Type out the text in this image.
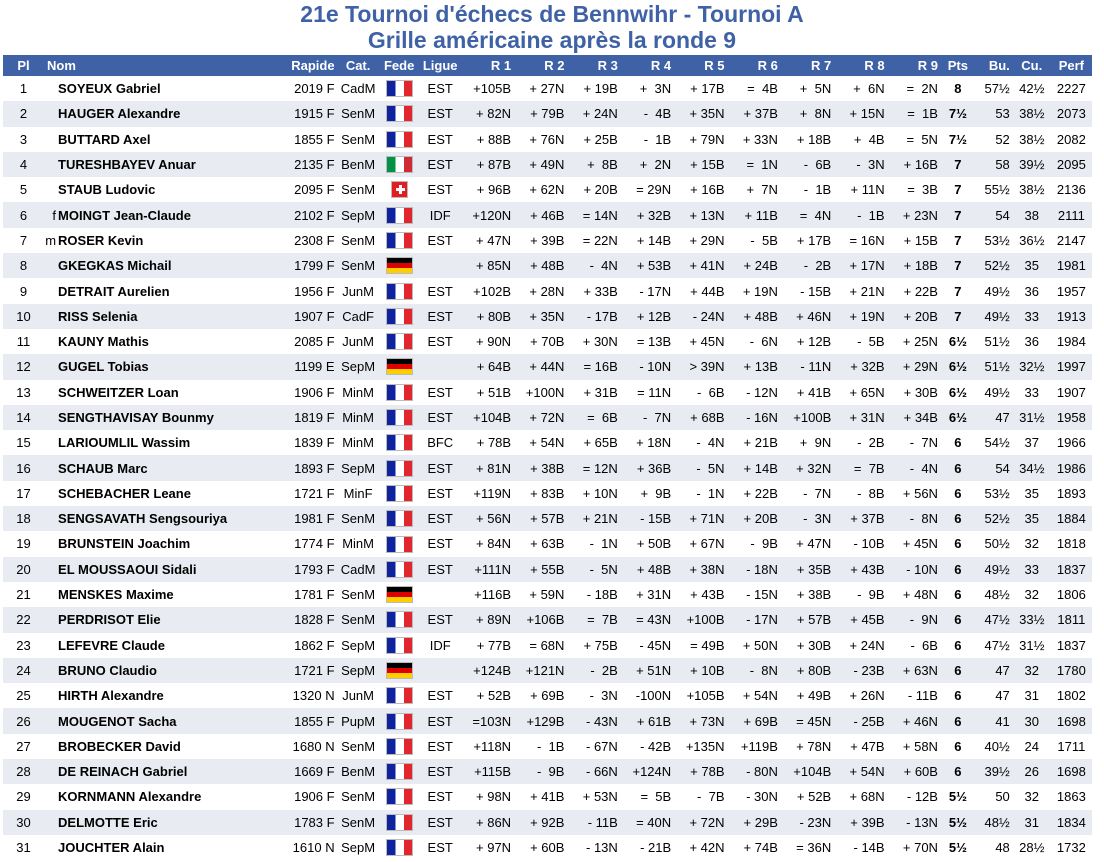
21e Tournoi d'échecs de Bennwihr - Tournoi A
Grille américaine après la ronde 9
Pl	Nom	Rapide	Cat.	Fede	Ligue	R 1	R 2	R 3	R 4	R 5	R 6	R 7	R 8	R 9	Pts	Bu.	Cu.	Perf
1	SOYEUX Gabriel	2019 F	CadM		EST	+105B	+ 27N	+ 19B	+  3N	+ 17B	=  4B	+  5N	+  6N	=  2N	8	57½	42½	2227
2	HAUGER Alexandre	1915 F	SenM		EST	+ 82N	+ 79B	+ 24N	-  4B	+ 35N	+ 37B	+  8N	+ 15N	=  1B	7½	53	38½	2073
3	BUTTARD Axel	1855 F	SenM		EST	+ 88B	+ 76N	+ 25B	-  1B	+ 79N	+ 33N	+ 18B	+  4B	=  5N	7½	52	38½	2082
4	TURESHBAYEV Anuar	2135 F	BenM		EST	+ 87B	+ 49N	+  8B	+  2N	+ 15B	=  1N	-  6B	-  3N	+ 16B	7	58	39½	2095
5	STAUB Ludovic	2095 F	SenM		EST	+ 96B	+ 62N	+ 20B	= 29N	+ 16B	+  7N	-  1B	+ 11N	=  3B	7	55½	38½	2136
6	f MOINGT Jean-Claude	2102 F	SepM		IDF	+120N	+ 46B	= 14N	+ 32B	+ 13N	+ 11B	=  4N	-  1B	+ 23N	7	54	38	2111
7	m ROSER Kevin	2308 F	SenM		EST	+ 47N	+ 39B	= 22N	+ 14B	+ 29N	-  5B	+ 17B	= 16N	+ 15B	7	53½	36½	2147
8	GKEGKAS Michail	1799 F	SenM			+ 85N	+ 48B	-  4N	+ 53B	+ 41N	+ 24B	-  2B	+ 17N	+ 18B	7	52½	35	1981
9	DETRAIT Aurelien	1956 F	JunM		EST	+102B	+ 28N	+ 33B	- 17N	+ 44B	+ 19N	- 15B	+ 21N	+ 22B	7	49½	36	1957
10	RISS Selenia	1907 F	CadF		EST	+ 80B	+ 35N	- 17B	+ 12B	- 24N	+ 48B	+ 46N	+ 19N	+ 20B	7	49½	33	1913
11	KAUNY Mathis	2085 F	JunM		EST	+ 90N	+ 70B	+ 30N	= 13B	+ 45N	-  6N	+ 12B	-  5B	+ 25N	6½	51½	36	1984
12	GUGEL Tobias	1199 E	SepM			+ 64B	+ 44N	= 16B	- 10N	> 39N	+ 13B	- 11N	+ 32B	+ 29N	6½	51½	32½	1997
13	SCHWEITZER Loan	1906 F	MinM		EST	+ 51B	+100N	+ 31B	= 11N	-  6B	- 12N	+ 41B	+ 65N	+ 30B	6½	49½	33	1907
14	SENGTHAVISAY Bounmy	1819 F	MinM		EST	+104B	+ 72N	=  6B	-  7N	+ 68B	- 16N	+100B	+ 31N	+ 34B	6½	47	31½	1958
15	LARIOUMLIL Wassim	1839 F	MinM		BFC	+ 78B	+ 54N	+ 65B	+ 18N	-  4N	+ 21B	+  9N	-  2B	-  7N	6	54½	37	1966
16	SCHAUB Marc	1893 F	SepM		EST	+ 81N	+ 38B	= 12N	+ 36B	-  5N	+ 14B	+ 32N	=  7B	-  4N	6	54	34½	1986
17	SCHEBACHER Leane	1721 F	MinF		EST	+119N	+ 83B	+ 10N	+  9B	-  1N	+ 22B	-  7N	-  8B	+ 56N	6	53½	35	1893
18	SENGSAVATH Sengsouriya	1981 F	SenM		EST	+ 56N	+ 57B	+ 21N	- 15B	+ 71N	+ 20B	-  3N	+ 37B	-  8N	6	52½	35	1884
19	BRUNSTEIN Joachim	1774 F	MinM		EST	+ 84N	+ 63B	-  1N	+ 50B	+ 67N	-  9B	+ 47N	- 10B	+ 45N	6	50½	32	1818
20	EL MOUSSAOUI Sidali	1793 F	CadM		EST	+111N	+ 55B	-  5N	+ 48B	+ 38N	- 18N	+ 35B	+ 43B	- 10N	6	49½	33	1837
21	MENSKES Maxime	1781 F	SenM			+116B	+ 59N	- 18B	+ 31N	+ 43B	- 15N	+ 38B	-  9B	+ 48N	6	48½	32	1806
22	PERDRISOT Elie	1828 F	SenM		EST	+ 89N	+106B	=  7B	= 43N	+100B	- 17N	+ 57B	+ 45B	-  9N	6	47½	33½	1811
23	LEFEVRE Claude	1862 F	SepM		IDF	+ 77B	= 68N	+ 75B	- 45N	= 49B	+ 50N	+ 30B	+ 24N	-  6B	6	47½	31½	1837
24	BRUNO Claudio	1721 F	SepM			+124B	+121N	-  2B	+ 51N	+ 10B	-  8N	+ 80B	- 23B	+ 63N	6	47	32	1780
25	HIRTH Alexandre	1320 N	JunM		EST	+ 52B	+ 69B	-  3N	-100N	+105B	+ 54N	+ 49B	+ 26N	- 11B	6	47	31	1802
26	MOUGENOT Sacha	1855 F	PupM		EST	=103N	+129B	- 43N	+ 61B	+ 73N	+ 69B	= 45N	- 25B	+ 46N	6	41	30	1698
27	BROBECKER David	1680 N	SenM		EST	+118N	-  1B	- 67N	- 42B	+135N	+119B	+ 78N	+ 47B	+ 58N	6	40½	24	1711
28	DE REINACH Gabriel	1669 F	BenM		EST	+115B	-  9B	- 66N	+124N	+ 78B	- 80N	+104B	+ 54N	+ 60B	6	39½	26	1698
29	KORNMANN Alexandre	1906 F	SenM		EST	+ 98N	+ 41B	+ 53N	=  5B	-  7B	- 30N	+ 52B	+ 68N	- 12B	5½	50	32	1863
30	DELMOTTE Eric	1783 F	SenM		EST	+ 86N	+ 92B	- 11B	= 40N	+ 72N	+ 29B	- 23N	+ 39B	- 13N	5½	48½	31	1834
31	JOUCHTER Alain	1610 N	SepM		EST	+ 97N	+ 60B	- 13N	- 21B	+ 42N	+ 74B	= 36N	- 14B	+ 70N	5½	48	28½	1732
